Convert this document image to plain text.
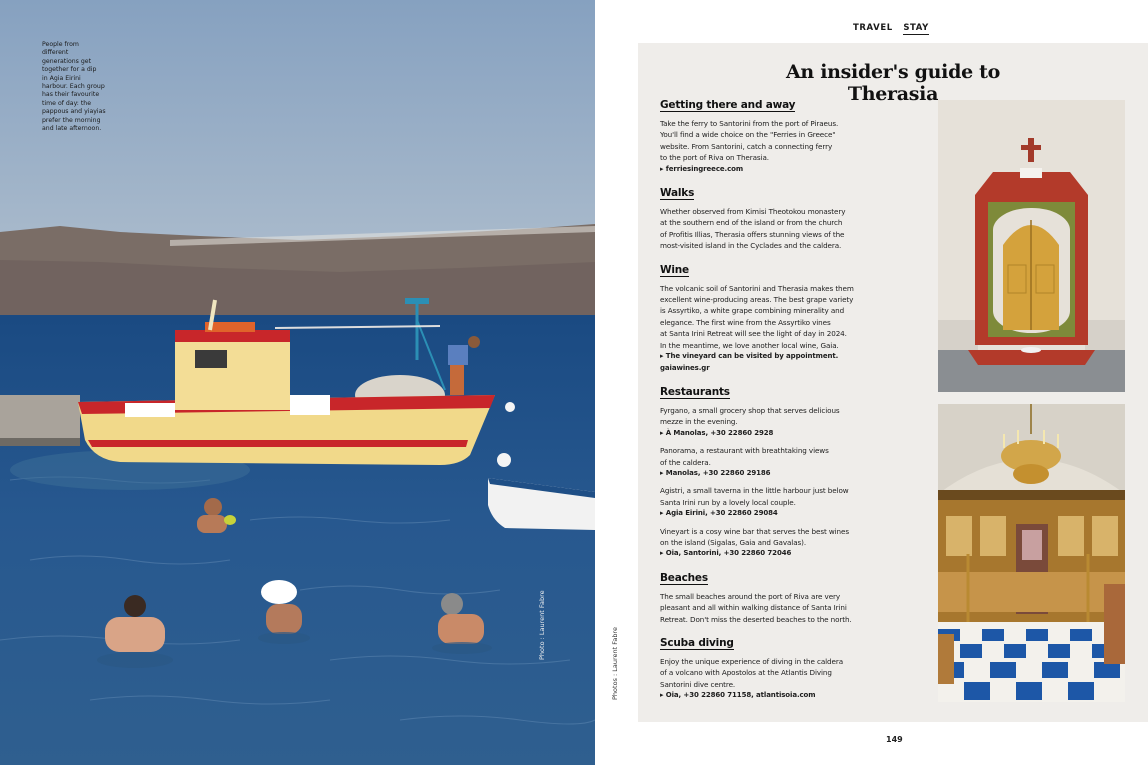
People from
different
generations get
together for a dip
in Agia Eirini
harbour. Each group
has their favourite
time of day: the
pappous and yiayias
prefer the morning
and late afternoon.
Photo : Laurent Fabre
TRAVEL STAY
Photos : Laurent Fabre
An insider's guide to Therasia
Getting there and away
Take the ferry to Santorini from the port of Piraeus.
You'll find a wide choice on the "Ferries in Greece"
website. From Santorini, catch a connecting ferry
to the port of Riva on Therasia.
▸ ferriesingreece.com
Walks
Whether observed from Kimisi Theotokou monastery
at the southern end of the island or from the church
of Profitis Illias, Therasia offers stunning views of the
most-visited island in the Cyclades and the caldera.
Wine
The volcanic soil of Santorini and Therasia makes them
excellent wine-producing areas. The best grape variety
is Assyrtiko, a white grape combining minerality and
elegance. The first wine from the Assyrtiko vines
at Santa Irini Retreat will see the light of day in 2024.
In the meantime, we love another local wine, Gaia.
▸ The vineyard can be visited by appointment. gaiawines.gr
Restaurants
Fyrgano, a small grocery shop that serves delicious
mezze in the evening.
▸ À Manolas, +30 22860 2928
Panorama, a restaurant with breathtaking views
of the caldera.
▸ Manolas, +30 22860 29186
Agistri, a small taverna in the little harbour just below
Santa Irini run by a lovely local couple.
▸ Agia Eirini, +30 22860 29084
Vineyart is a cosy wine bar that serves the best wines
on the island (Sigalas, Gaia and Gavalas).
▸ Oia, Santorini, +30 22860 72046
Beaches
The small beaches around the port of Riva are very
pleasant and all within walking distance of Santa Irini
Retreat. Don't miss the deserted beaches to the north.
Scuba diving
Enjoy the unique experience of diving in the caldera
of a volcano with Apostolos at the Atlantis Diving
Santorini dive centre.
▸ Oia, +30 22860 71158, atlantisoia.com
149
